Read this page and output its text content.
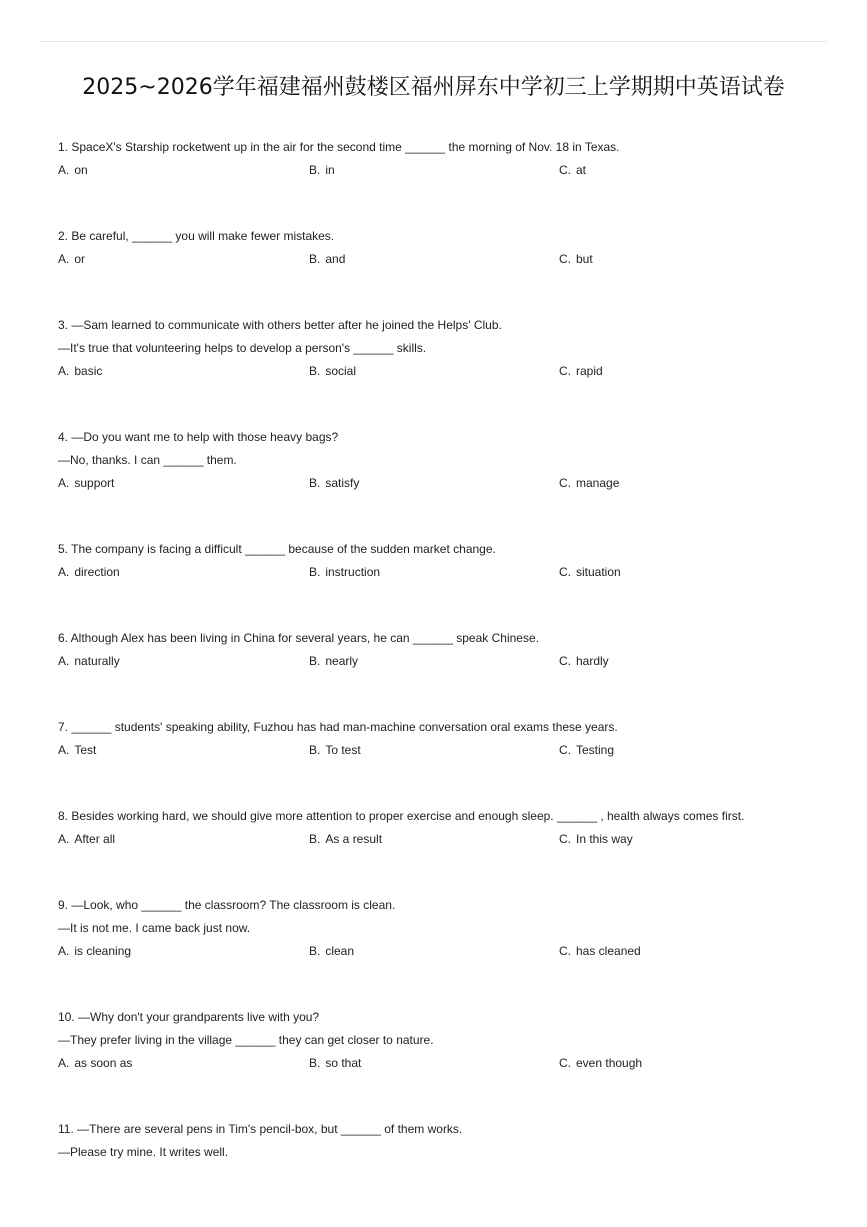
2025~2026学年福建福州鼓楼区福州屏东中学初三上学期期中英语试卷
1. SpaceX's Starship rocketwent up in the air for the second time ______ the morning of Nov. 18 in Texas.
A. on	B. in	C. at
2. Be careful, ______ you will make fewer mistakes.
A. or	B. and	C. but
3. —Sam learned to communicate with others better after he joined the Helps' Club.
—It's true that volunteering helps to develop a person's ______ skills.
A. basic	B. social	C. rapid
4. —Do you want me to help with those heavy bags?
—No, thanks. I can ______ them.
A. support	B. satisfy	C. manage
5. The company is facing a difficult ______ because of the sudden market change.
A. direction	B. instruction	C. situation
6. Although Alex has been living in China for several years, he can ______ speak Chinese.
A. naturally	B. nearly	C. hardly
7. ______ students' speaking ability, Fuzhou has had man-machine conversation oral exams these years.
A. Test	B. To test	C. Testing
8. Besides working hard, we should give more attention to proper exercise and enough sleep. ______ , health always comes first.
A. After all	B. As a result	C. In this way
9. —Look, who ______ the classroom? The classroom is clean.
—It is not me. I came back just now.
A. is cleaning	B. clean	C. has cleaned
10. —Why don't your grandparents live with you?
—They prefer living in the village ______ they can get closer to nature.
A. as soon as	B. so that	C. even though
11. —There are several pens in Tim's pencil-box, but ______ of them works.
—Please try mine. It writes well.
